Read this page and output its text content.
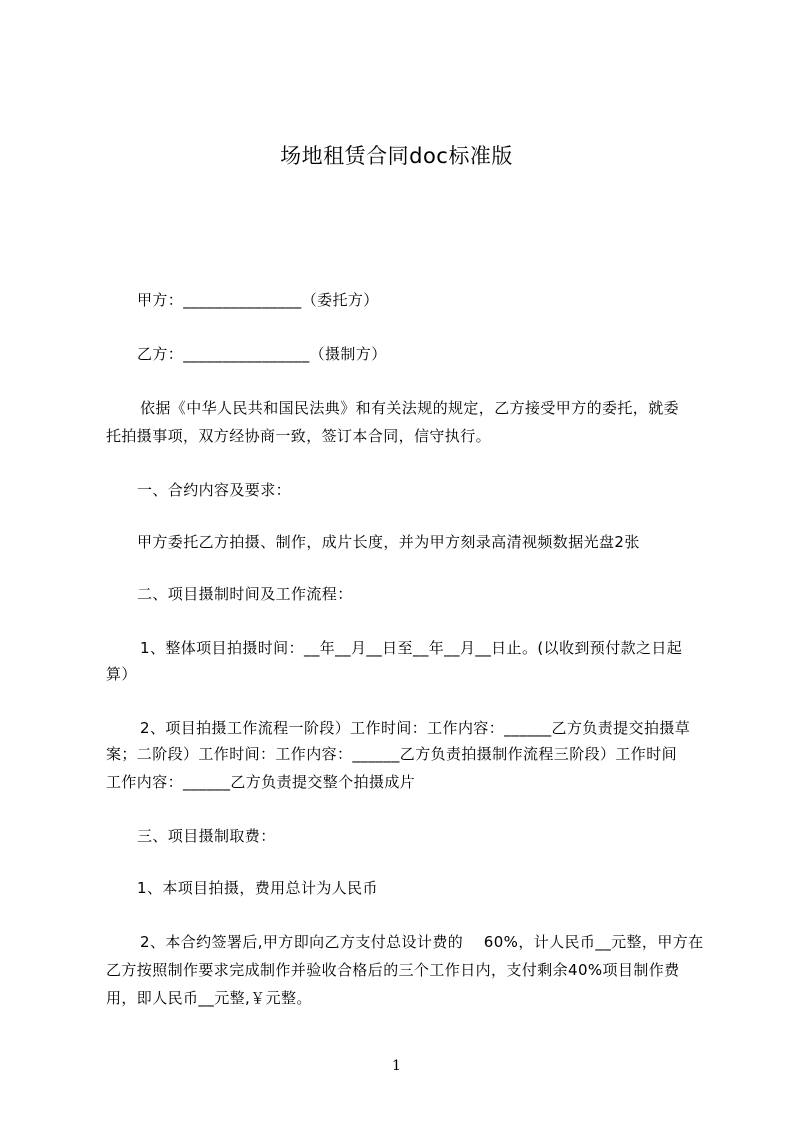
场地租赁合同doc标准版
甲方：_______________（委托方）
乙方：________________（摄制方）
依据《中华人民共和国民法典》和有关法规的规定，乙方接受甲方的委托，就委
托拍摄事项，双方经协商一致，签订本合同，信守执行。
一、合约内容及要求：
甲方委托乙方拍摄、制作，成片长度，并为甲方刻录高清视频数据光盘2张
二、项目摄制时间及工作流程：
1、整体项目拍摄时间：__年__月__日至__年__月__日止。(以收到预付款之日起
算）
2、项目拍摄工作流程一阶段）工作时间：工作内容：______乙方负责提交拍摄草
案；二阶段）工作时间：工作内容：______乙方负责拍摄制作流程三阶段）工作时间
工作内容：______乙方负责提交整个拍摄成片
三、项目摄制取费：
1、本项目拍摄，费用总计为人民币
2、本合约签署后,甲方即向乙方支付总设计费的    60%，计人民币__元整，甲方在
乙方按照制作要求完成制作并验收合格后的三个工作日内，支付剩余40%项目制作费
用，即人民币__元整,￥元整。
1
